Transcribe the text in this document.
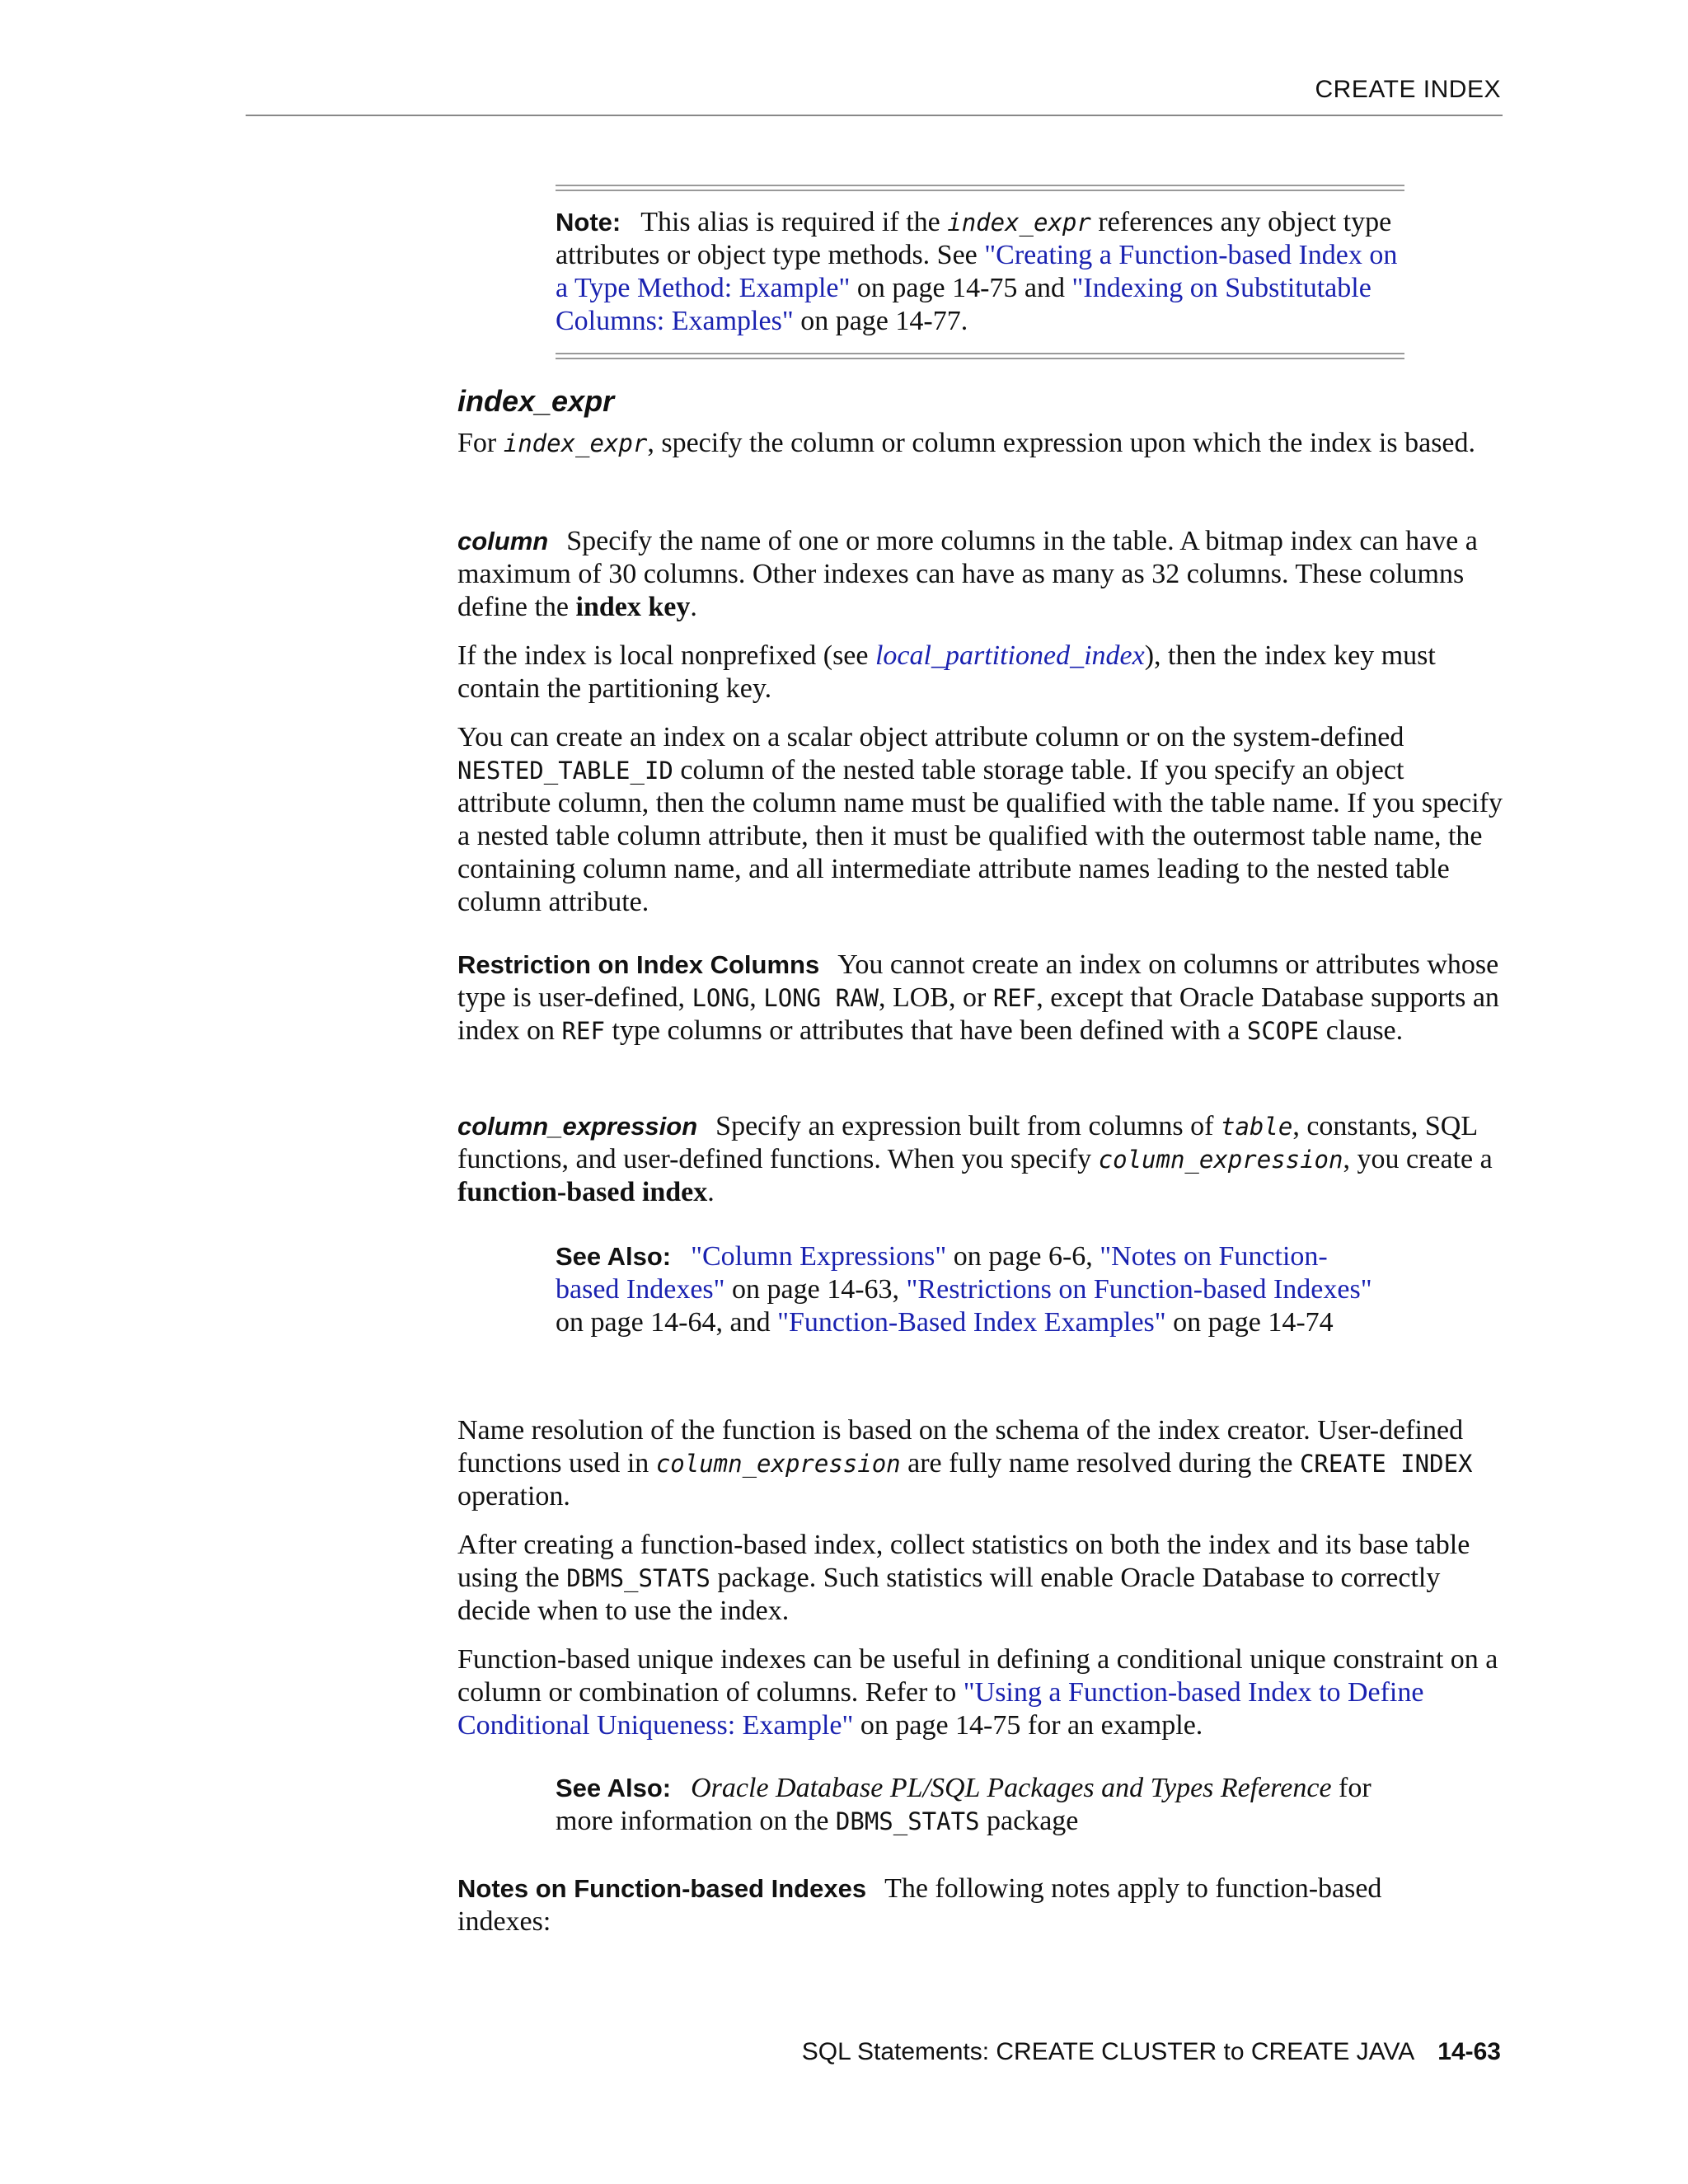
CREATE INDEX
Note: This alias is required if the index_expr references any object type attributes or object type methods. See "Creating a Function-based Index on a Type Method: Example" on page 14-75 and "Indexing on Substitutable Columns: Examples" on page 14-77.
index_expr

For index_expr, specify the column or column expression upon which the index is based.

column Specify the name of one or more columns in the table. A bitmap index can have a maximum of 30 columns. Other indexes can have as many as 32 columns. These columns define the index key.

If the index is local nonprefixed (see local_partitioned_index), then the index key must contain the partitioning key.

You can create an index on a scalar object attribute column or on the system-defined NESTED_TABLE_ID column of the nested table storage table. If you specify an object attribute column, then the column name must be qualified with the table name. If you specify a nested table column attribute, then it must be qualified with the outermost table name, the containing column name, and all intermediate attribute names leading to the nested table column attribute.

Restriction on Index Columns You cannot create an index on columns or attributes whose type is user-defined, LONG, LONG RAW, LOB, or REF, except that Oracle Database supports an index on REF type columns or attributes that have been defined with a SCOPE clause.

column_expression Specify an expression built from columns of table, constants, SQL functions, and user-defined functions. When you specify column_expression, you create a function-based index.

See Also: "Column Expressions" on page 6-6, "Notes on Function-based Indexes" on page 14-63, "Restrictions on Function-based Indexes" on page 14-64, and "Function-Based Index Examples" on page 14-74

Name resolution of the function is based on the schema of the index creator. User-defined functions used in column_expression are fully name resolved during the CREATE INDEX operation.

After creating a function-based index, collect statistics on both the index and its base table using the DBMS_STATS package. Such statistics will enable Oracle Database to correctly decide when to use the index.

Function-based unique indexes can be useful in defining a conditional unique constraint on a column or combination of columns. Refer to "Using a Function-based Index to Define Conditional Uniqueness: Example" on page 14-75 for an example.

See Also: Oracle Database PL/SQL Packages and Types Reference for more information on the DBMS_STATS package

Notes on Function-based Indexes The following notes apply to function-based indexes:

SQL Statements: CREATE CLUSTER to CREATE JAVA 14-63
